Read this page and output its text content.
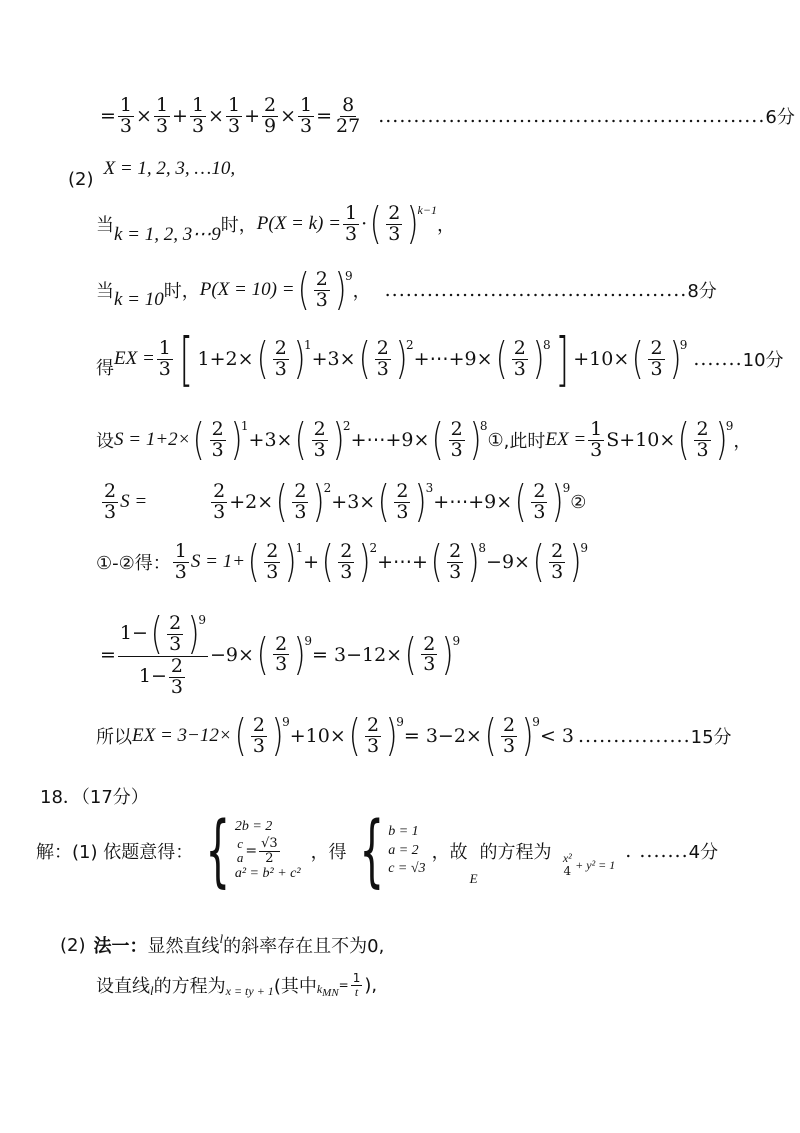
= $\frac{1}{3} \times \frac{1}{3} + \frac{1}{3} \times \frac{1}{3} + \frac{2}{9} \times \frac{1}{3} = \frac{8}{27}$ ....................................................... 6分
(2) X = 1, 2, 3, …10,
当 k = 1, 2, 3⋯9 时， $P(X = k) = \frac{1}{3}$ · ( 2
3 )
$^{k-1}$
，
当 k = 10 时， P(X = 10) = ( 2
3 )
$^9$
， ........................................... 8分
得 EX = $\frac{1}{3}$ [ 1+2× ( 2
3 )
$^1$
+3× ( 2
3 )
$^2$
+⋯+9× ( 2
3 )
$^8$ ] +10× ( 2
3 )
$^9$
....... 10分
设 S = 1+2× ( 2
3 )
$^1$
+3× ( 2
3 )
$^2$
+⋯+9× ( 2
3 )
$^8$
① ,此时 EX = $\frac{1}{3} S+10\times$ ( 2
3 )
$^9$
，
2
3 S =	2
3 +2× ( 2
3 )
$^2$
+3× ( 2
3 )
$^3$
+⋯+9× ( 2
3 )
$^9$
②
①-②得：
1
3 S = 1+ ( 2
3 )
$^1$
+ ( 2
3 )
$^2$
+⋯+ ( 2
3 )
$^8$
−9× ( 2
3 )
$^9$
= 1− ( 2
3 )
$^9$
$1- \frac{2}{3} -9\times$ ( 2
3 )
$^9$
= 3−12× ( 2
3 )
$^9$
所以 EX = 3−12× ( 2
3 )
$^9$
+10× ( 2
3 )
$^9$
= 3−2× ( 2
3 )
$^9$
< 3 ................ 15分
18．（17分）
解：(1) 依题意得： { 2b = 2
c
$a = \frac{√3}{2}$
a² = b² + c²
，得 { b = 1
a = 2
c = √3
，故
E
的方程为 x²
4 + y² = 1
. ....... 4分
(2) 法一： 显然直线 l 的斜率存在且不为0,
设直线 l 的方程为 x = ty + 1 (其中 k MN
= $\frac{1}{t}$ ),
